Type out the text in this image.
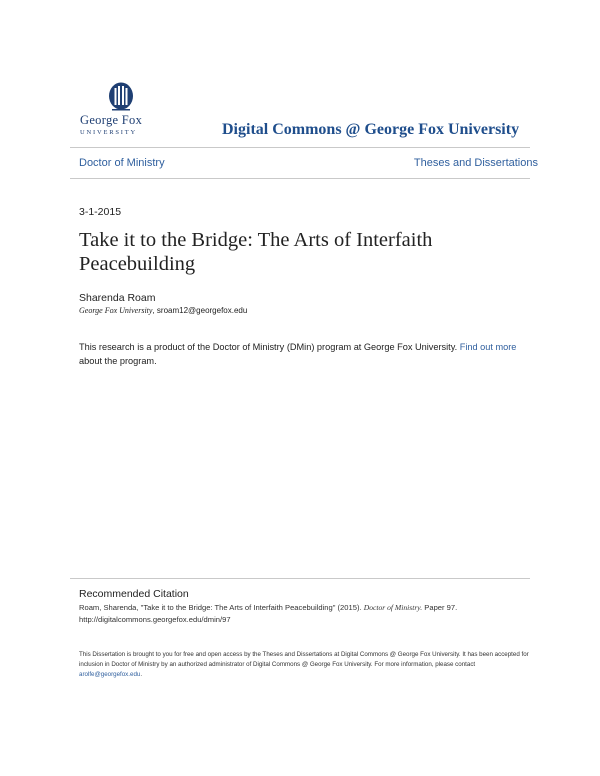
George Fox
UNIVERSITY	Digital Commons @ George Fox University
Doctor of Ministry	Theses and Dissertations
3-1-2015
Take it to the Bridge: The Arts of Interfaith Peacebuilding
Sharenda Roam
George Fox University, sroam12@georgefox.edu
This research is a product of the Doctor of Ministry (DMin) program at George Fox University. Find out more about the program.
Recommended Citation
Roam, Sharenda, "Take it to the Bridge: The Arts of Interfaith Peacebuilding" (2015). Doctor of Ministry. Paper 97.
http://digitalcommons.georgefox.edu/dmin/97
This Dissertation is brought to you for free and open access by the Theses and Dissertations at Digital Commons @ George Fox University. It has been accepted for inclusion in Doctor of Ministry by an authorized administrator of Digital Commons @ George Fox University. For more information, please contact arolfe@georgefox.edu.
